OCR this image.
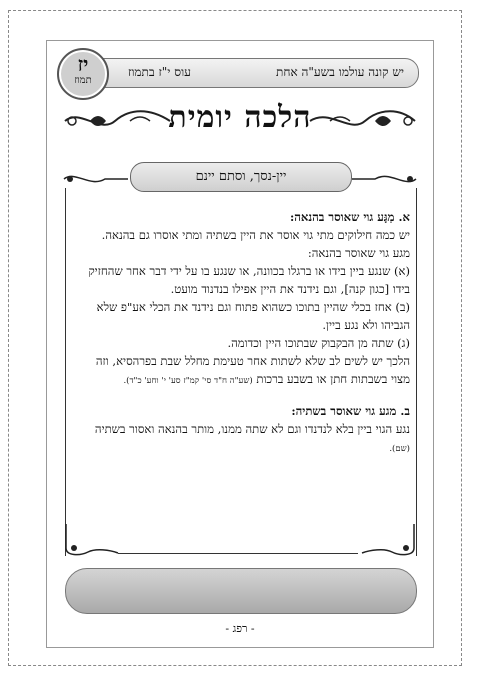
יש קונה עולמו בשע"ה אחת
עוס י"ז בתמוז
יז
תמוז
הלכה יומית
יין-נסך, וסתם יינם

א. מַגָּע גוי שאוסר בהנאה:

יש כמה חילוקים מתי גוי אוסר את היין בשתיה ומתי אוסרו גם בהנאה.

מגע גוי שאוסר בהנאה:

(א) שנגע ביין בידו או ברגלו בכוונה, או שנגע בו על ידי דבר אחר שהחזיק בידו [כגון קנה], וגם נידנד את היין אפילו בנדנוד מועט.

(ב) אחז בכלי שהיין בתוכו כשהוא פתוח וגם נידנד את הכלי אע"פ שלא הגביהו ולא נגע ביין.

(ג) שתה מן הבקבוק שבתוכו היין וכדומה.

הלכך יש לשים לב שלא לשתות אחר טעימת מחלל שבת בפרהסיא, וזה מצוי בשבתות חתן או בשבע ברכות (שע"ה ח"ד סי' קמ"ז סע' י' וחע' כ"ד).

ב. מגע גוי שאוסר בשתיה:

נגע הגוי ביין בלא לנדנדו וגם לא שתה ממנו, מותר בהנאה ואסור בשתיה (שם).

- רפג -
